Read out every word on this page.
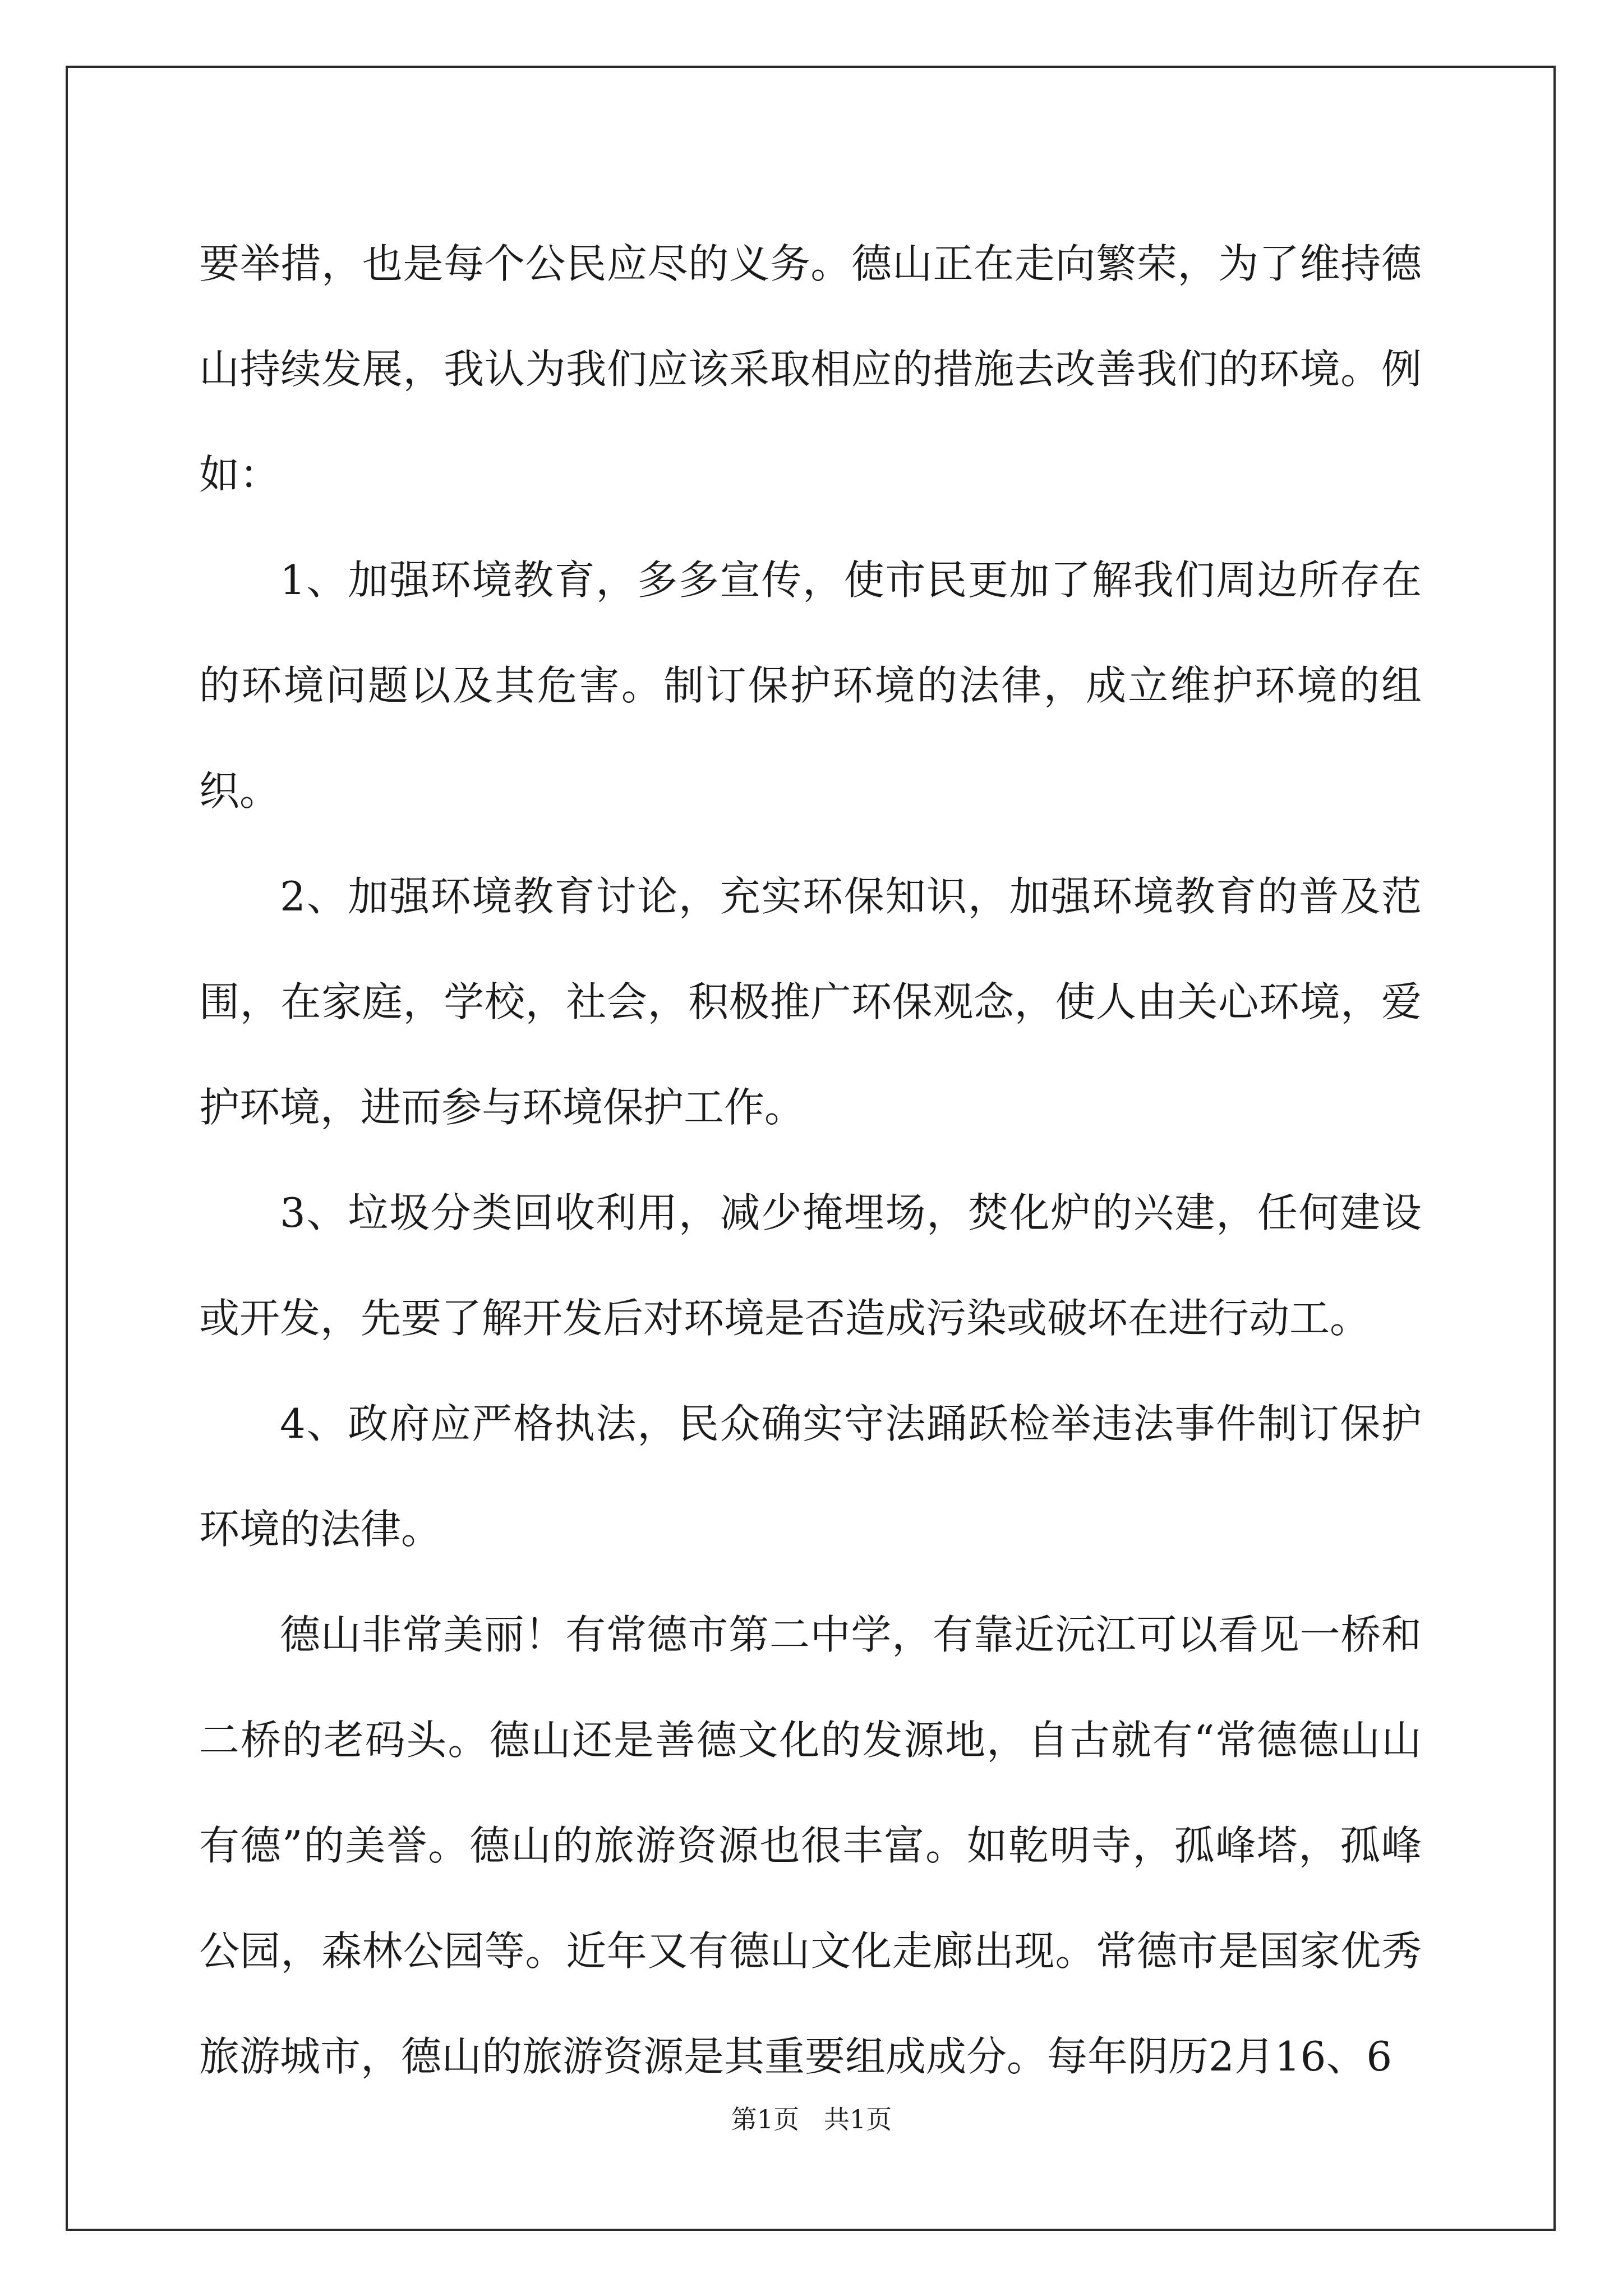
要举措，也是每个公民应尽的义务。德山正在走向繁荣，为了维持德山持续发展，我认为我们应该采取相应的措施去改善我们的环境。例如：

1、加强环境教育，多多宣传，使市民更加了解我们周边所存在的环境问题以及其危害。制订保护环境的法律，成立维护环境的组织。

2、加强环境教育讨论，充实环保知识，加强环境教育的普及范围，在家庭，学校，社会，积极推广环保观念，使人由关心环境，爱护环境，进而参与环境保护工作。

3、垃圾分类回收利用，减少掩埋场，焚化炉的兴建，任何建设或开发，先要了解开发后对环境是否造成污染或破坏在进行动工。

4、政府应严格执法，民众确实守法踊跃检举违法事件制订保护环境的法律。

德山非常美丽！有常德市第二中学，有靠近沅江可以看见一桥和二桥的老码头。德山还是善德文化的发源地，自古就有“常德德山山有德”的美誉。德山的旅游资源也很丰富。如乾明寺，孤峰塔，孤峰公园，森林公园等。近年又有德山文化走廊出现。常德市是国家优秀旅游城市，德山的旅游资源是其重要组成成分。每年阴历2月16、6

第1页   共1页
